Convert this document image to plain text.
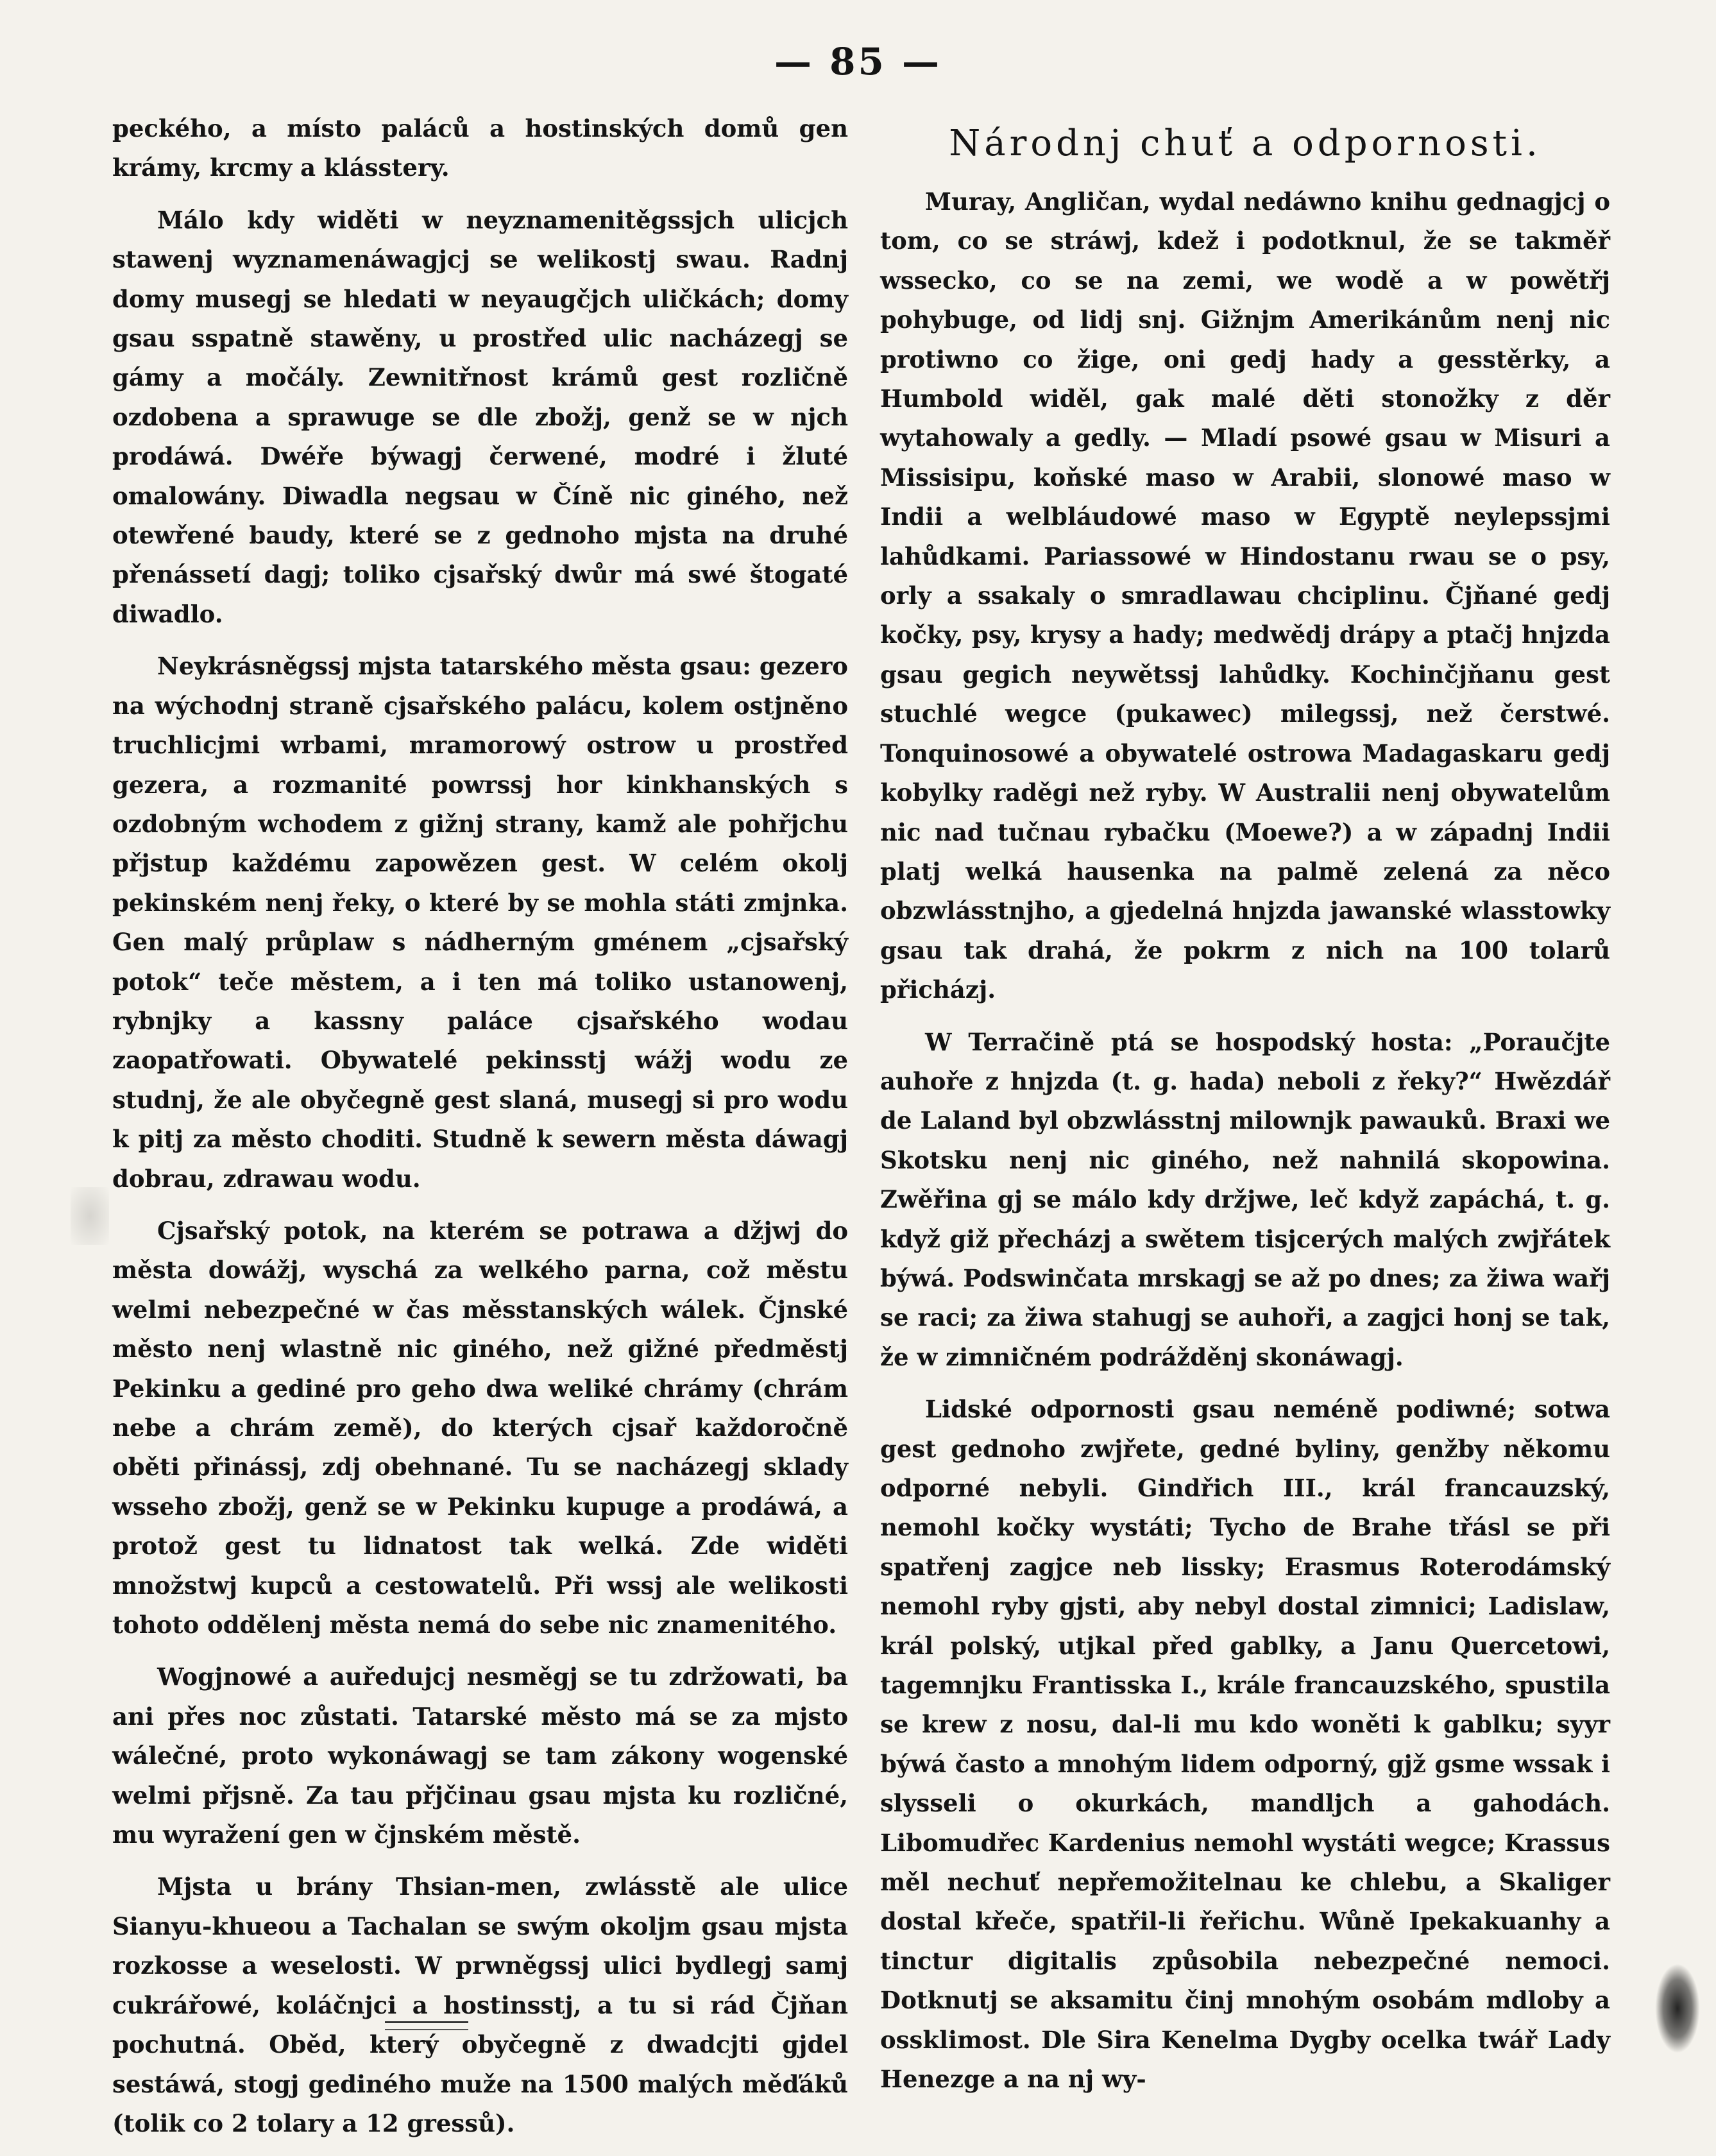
— 85 —

peckého, a místo paláců a hostinských domů gen krámy, krcmy a klásstery.

Málo kdy widěti w neyznamenitěgssjch ulicjch stawenj wyznamenáwagjcj se welikostj swau. Radnj domy musegj se hledati w neyaugčjch uličkách; domy gsau sspatně stawěny, u prostřed ulic nacházegj se gámy a močály. Zewnitřnost krámů gest rozličně ozdobena a sprawuge se dle zbožj, genž se w njch prodáwá. Dwéře býwagj čerwené, modré i žluté omalowány. Diwadla negsau w Číně nic giného, než otewřené baudy, které se z gednoho mjsta na druhé přenássetí dagj; toliko cjsařský dwůr má swé štogaté diwadlo.

Neykrásněgssj mjsta tatarského města gsau: gezero na wýchodnj straně cjsařského palácu, kolem ostjněno truchlicjmi wrbami, mramorowý ostrow u prostřed gezera, a rozmanité powrssj hor kinkhanských s ozdobným wchodem z gižnj strany, kamž ale pohřjchu přjstup každému zapowězen gest. W celém okolj pekinském nenj řeky, o které by se mohla státi zmjnka. Gen malý průplaw s nádherným gménem „cjsařský potok“ teče městem, a i ten má toliko ustanowenj, rybnjky a kassny paláce cjsařského wodau zaopatřowati. Obywatelé pekinsstj wážj wodu ze studnj, že ale obyčegně gest slaná, musegj si pro wodu k pitj za město choditi. Studně k sewern města dáwagj dobrau, zdrawau wodu.

Cjsařský potok, na kterém se potrawa a džjwj do města dowážj, wyschá za welkého parna, což městu welmi nebezpečné w čas měsstanských wálek. Čjnské město nenj wlastně nic giného, než gižné předměstj Pekinku a gediné pro geho dwa weliké chrámy (chrám nebe a chrám země), do kterých cjsař každoročně oběti přinássj, zdj obehnané. Tu se nacházegj sklady wsseho zbožj, genž se w Pekinku kupuge a prodáwá, a protož gest tu lidnatost tak welká. Zde widěti množstwj kupců a cestowatelů. Při wssj ale welikosti tohoto oddělenj města nemá do sebe nic znamenitého.

Wogjnowé a auředujcj nesměgj se tu zdržowati, ba ani přes noc zůstati. Tatarské město má se za mjsto wálečné, proto wykonáwagj se tam zákony wogenské welmi přjsně. Za tau přjčinau gsau mjsta ku rozličné, mu wyražení gen w čjnském městě.

Mjsta u brány Thsian-men, zwlásstě ale ulice Sianyu-khueou a Tachalan se swým okoljm gsau mjsta rozkosse a weselosti. W prwněgssj ulici bydlegj samj cukrářowé, koláčnjci a hostinsstj, a tu si rád Čjňan pochutná. Oběd, který obyčegně z dwadcjti gjdel sestáwá, stogj gediného muže na 1500 malých měďáků (tolik co 2 tolary a 12 gressů).

Národnj chuť a odpornosti.

Muray, Angličan, wydal nedáwno knihu gednagjcj o tom, co se stráwj, kdež i podotknul, že se takměř wssecko, co se na zemi, we wodě a w powětřj pohybuge, od lidj snj. Gižnjm Amerikánům nenj nic protiwno co žige, oni gedj hady a gesstěrky, a Humbold widěl, gak malé děti stonožky z děr wytahowaly a gedly. — Mladí psowé gsau w Misuri a Missisipu, koňské maso w Arabii, slonowé maso w Indii a welbláudowé maso w Egyptě neylepssjmi lahůdkami. Pariassowé w Hindostanu rwau se o psy, orly a ssakaly o smradlawau chciplinu. Čjňané gedj kočky, psy, krysy a hady; medwědj drápy a ptačj hnjzda gsau gegich neywětssj lahůdky. Kochinčjňanu gest stuchlé wegce (pukawec) milegssj, než čerstwé. Tonquinosowé a obywatelé ostrowa Madagaskaru gedj kobylky raděgi než ryby. W Australii nenj obywatelům nic nad tučnau rybačku (Moewe?) a w západnj Indii platj welká hausenka na palmě zelená za něco obzwlásstnjho, a gjedelná hnjzda jawanské wlasstowky gsau tak drahá, že pokrm z nich na 100 tolarů přicházj.

W Terračině ptá se hospodský hosta: „Poraučjte auhoře z hnjzda (t. g. hada) neboli z řeky?“ Hwězdář de Laland byl obzwlásstnj milownjk pawauků. Braxi we Skotsku nenj nic giného, než nahnilá skopowina. Zwěřina gj se málo kdy držjwe, leč když zapáchá, t. g. když giž přecházj a swětem tisjcerých malých zwjřátek býwá. Podswinčata mrskagj se až po dnes; za žiwa wařj se raci; za žiwa stahugj se auhoři, a zagjci honj se tak, že w zimničném podrážděnj skonáwagj.

Lidské odpornosti gsau neméně podiwné; sotwa gest gednoho zwjřete, gedné byliny, genžby někomu odporné nebyli. Gindřich III., král francauzský, nemohl kočky wystáti; Tycho de Brahe třásl se při spatřenj zagjce neb lissky; Erasmus Roterodámský nemohl ryby gjsti, aby nebyl dostal zimnici; Ladislaw, král polský, utjkal před gablky, a Janu Quercetowi, tagemnjku Frantisska I., krále francauzského, spustila se krew z nosu, dal-li mu kdo woněti k gablku; syyr býwá často a mnohým lidem odporný, gjž gsme wssak i slysseli o okurkách, mandljch a gahodách. Libomudřec Kardenius nemohl wystáti wegce; Krassus měl nechuť nepřemožitelnau ke chlebu, a Skaliger dostal křeče, spatřil-li řeřichu. Wůně Ipekakuanhy a tinctur digitalis způsobila nebezpečné nemoci. Dotknutj se aksamitu činj mnohým osobám mdloby a ossklimost. Dle Sira Kenelma Dygby ocelka twář Lady Henezge a na nj wy-
